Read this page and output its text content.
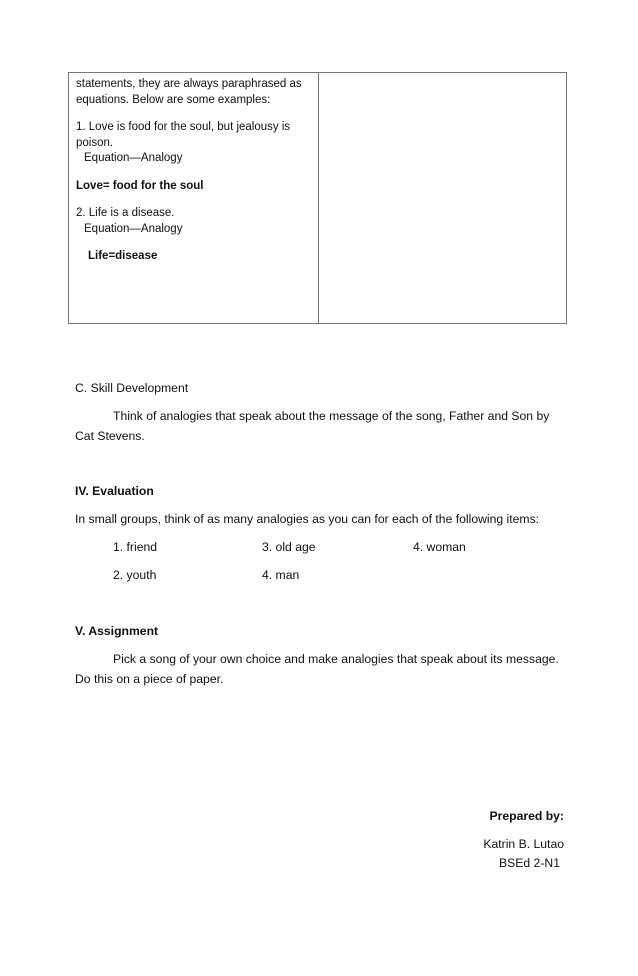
statements, they are always paraphrased as

equations. Below are some examples:

1. Love is food for the soul, but jealousy is

poison.

Equation—Analogy

Love= food for the soul

2. Life is a disease.

Equation—Analogy

Life=disease

C. Skill Development

Think of analogies that speak about the message of the song, Father and Son by Cat Stevens.

IV. Evaluation

In small groups, think of as many analogies as you can for each of the following items:

1. friend	3. old age	4. woman

2. youth	4. man

V. Assignment

Pick a song of your own choice and make analogies that speak about its message. Do this on a piece of paper.

Prepared by:

Katrin B. Lutao

BSEd 2-N1
